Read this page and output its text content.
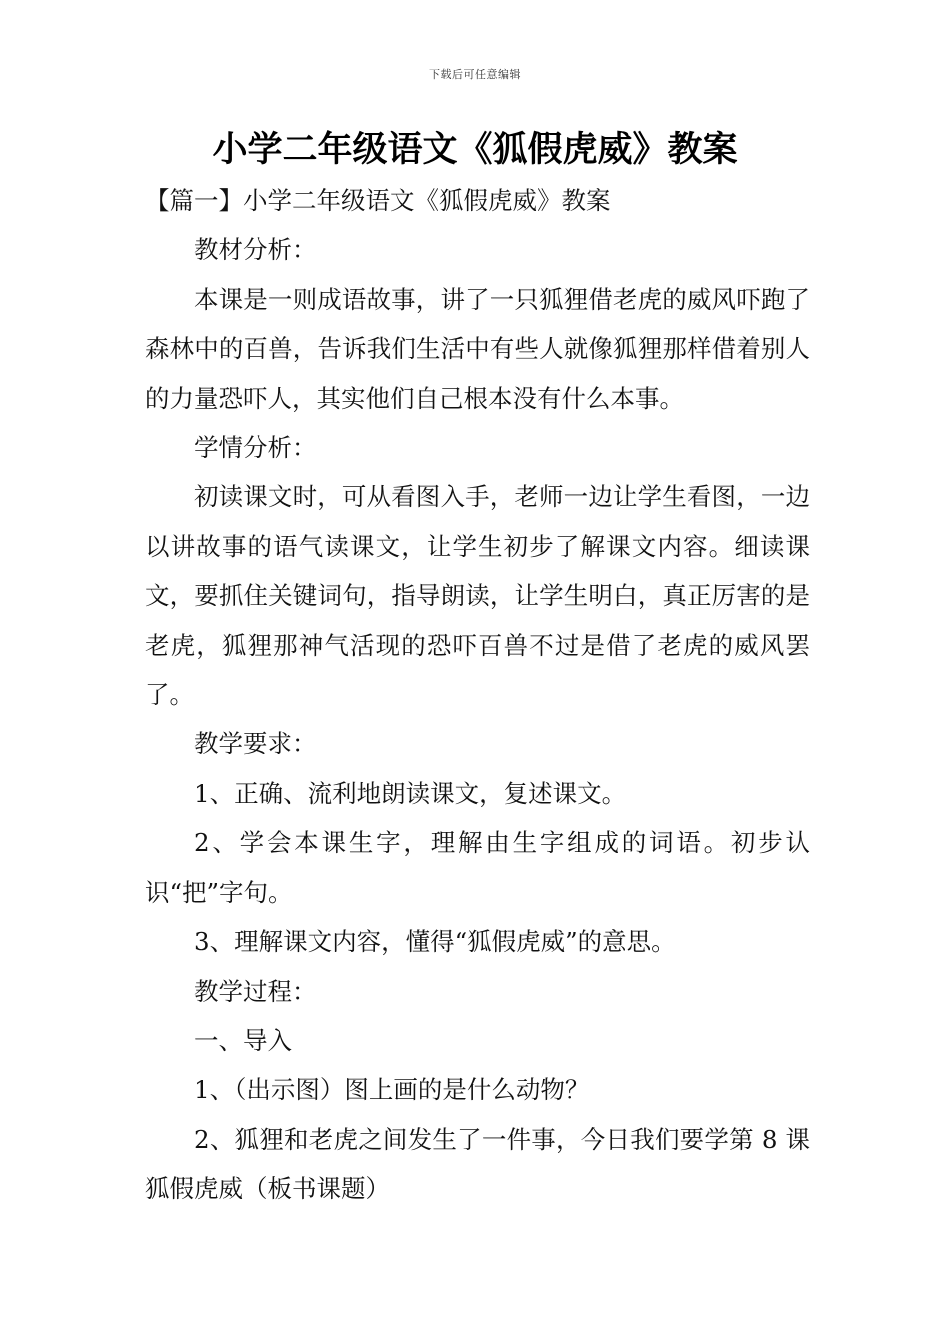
下载后可任意编辑
小学二年级语文《狐假虎威》教案

【篇一】小学二年级语文《狐假虎威》教案

教材分析：

本课是一则成语故事，讲了一只狐狸借老虎的威风吓跑了森林中的百兽，告诉我们生活中有些人就像狐狸那样借着别人的力量恐吓人，其实他们自己根本没有什么本事。

学情分析：

初读课文时，可从看图入手，老师一边让学生看图，一边以讲故事的语气读课文，让学生初步了解课文内容。细读课文，要抓住关键词句，指导朗读，让学生明白，真正厉害的是老虎，狐狸那神气活现的恐吓百兽不过是借了老虎的威风罢了。

教学要求：

1、正确、流利地朗读课文，复述课文。

2、学会本课生字，理解由生字组成的词语。初步认识“把”字句。

3、理解课文内容，懂得“狐假虎威”的意思。

教学过程：

一、导入

1、（出示图）图上画的是什么动物？

2、狐狸和老虎之间发生了一件事，今日我们要学第 8 课狐假虎威（板书课题）
